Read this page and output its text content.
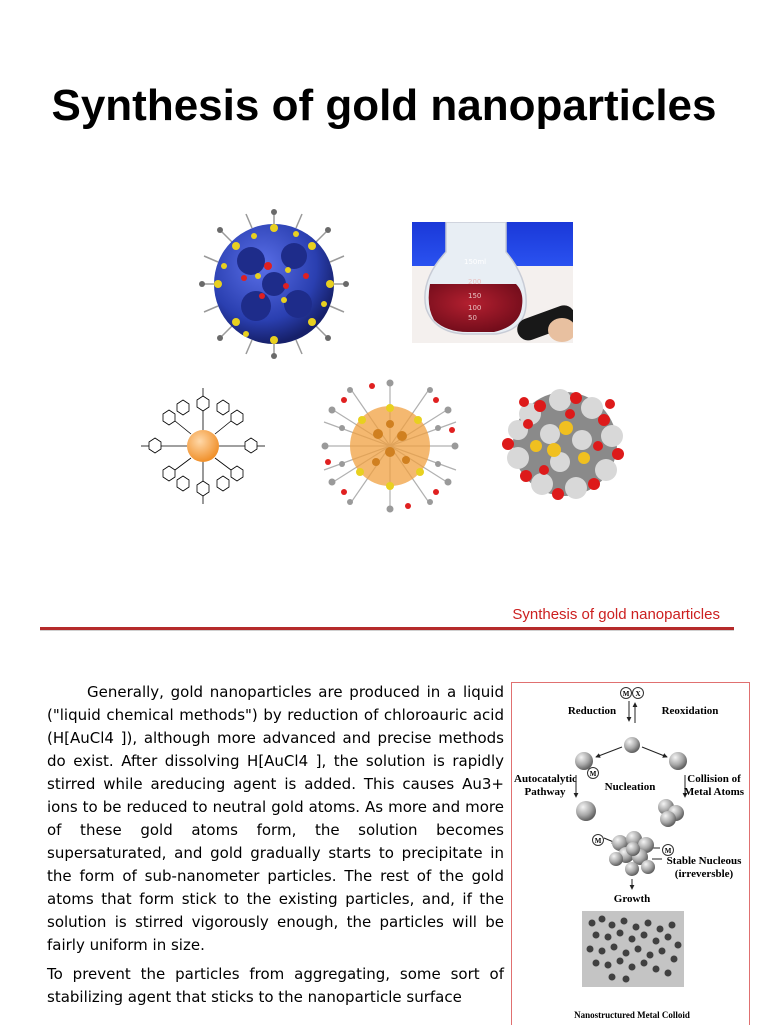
Synthesis of gold nanoparticles
150ml
200
150
100
50
Synthesis of gold nanoparticles

Generally, gold nanoparticles are produced in a liquid ("liquid chemical methods") by reduction of chloroauric acid (H[AuCl4 ]), although more advanced and precise methods do exist. After dissolving H[AuCl4 ], the solution is rapidly stirred while areducing agent is added. This causes Au3+ ions to be reduced to neutral gold atoms. As more and more of these gold atoms form, the solution becomes supersaturated, and gold gradually starts to precipitate in the form of sub-nanometer particles. The rest of the gold atoms that form stick to the existing particles, and, if the solution is stirred vigorously enough, the particles will be fairly uniform in size.

To prevent the particles from aggregating, some sort of stabilizing agent that sticks to the nanoparticle surface

M X
M
M
M
Reduction	Reoxidation
Autocatalytic
Pathway	Nucleation
Collision of
Metal Atoms
Stable Nucleous
(irreversble)
Growth
Nanostructured Metal Colloid
